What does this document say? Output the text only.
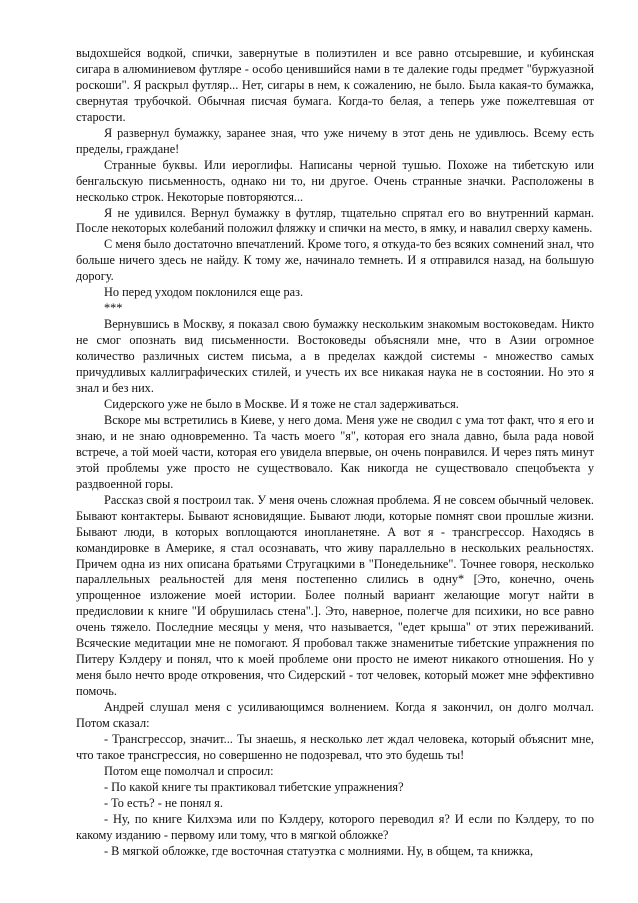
выдохшейся водкой, спички, завернутые в полиэтилен и все равно отсыревшие, и кубинская сигара в алюминиевом футляре - особо ценившийся нами в те далекие годы предмет "буржуазной роскоши". Я раскрыл футляр... Нет, сигары в нем, к сожалению, не было. Была какая-то бумажка, свернутая трубочкой. Обычная писчая бумага. Когда-то белая, а теперь уже пожелтевшая от старости.

Я развернул бумажку, заранее зная, что уже ничему в этот день не удивлюсь. Всему есть пределы, граждане!

Странные буквы. Или иероглифы. Написаны черной тушью. Похоже на тибетскую или бенгальскую письменность, однако ни то, ни другое. Очень странные значки. Расположены в несколько строк. Некоторые повторяются...

Я не удивился. Вернул бумажку в футляр, тщательно спрятал его во внутренний карман. После некоторых колебаний положил фляжку и спички на место, в ямку, и навалил сверху камень.

С меня было достаточно впечатлений. Кроме того, я откуда-то без всяких сомнений знал, что больше ничего здесь не найду. К тому же, начинало темнеть. И я отправился назад, на большую дорогу.

Но перед уходом поклонился еще раз.

***

Вернувшись в Москву, я показал свою бумажку нескольким знакомым востоковедам. Никто не смог опознать вид письменности. Востоковеды объясняли мне, что в Азии огромное количество различных систем письма, а в пределах каждой системы - множество самых причудливых каллиграфических стилей, и учесть их все никакая наука не в состоянии. Но это я знал и без них.

Сидерского уже не было в Москве. И я тоже не стал задерживаться.

Вскоре мы встретились в Киеве, у него дома. Меня уже не сводил с ума тот факт, что я его и знаю, и не знаю одновременно. Та часть моего "я", которая его знала давно, была рада новой встрече, а той моей части, которая его увидела впервые, он очень понравился. И через пять минут этой проблемы уже просто не существовало. Как никогда не существовало спецобъекта у раздвоенной горы.

Рассказ свой я построил так. У меня очень сложная проблема. Я не совсем обычный человек. Бывают контактеры. Бывают ясновидящие. Бывают люди, которые помнят свои прошлые жизни. Бывают люди, в которых воплощаются инопланетяне. А вот я - трансгрессор. Находясь в командировке в Америке, я стал осознавать, что живу параллельно в нескольких реальностях. Причем одна из них описана братьями Стругацкими в "Понедельнике". Точнее говоря, несколько параллельных реальностей для меня постепенно слились в одну* [Это, конечно, очень упрощенное изложение моей истории. Более полный вариант желающие могут найти в предисловии к книге "И обрушилась стена".]. Это, наверное, полегче для психики, но все равно очень тяжело. Последние месяцы у меня, что называется, "едет крыша" от этих переживаний. Всяческие медитации мне не помогают. Я пробовал также знаменитые тибетские упражнения по Питеру Кэлдеру и понял, что к моей проблеме они просто не имеют никакого отношения. Но у меня было нечто вроде откровения, что Сидерский - тот человек, который может мне эффективно помочь.

Андрей слушал меня с усиливающимся волнением. Когда я закончил, он долго молчал. Потом сказал:

- Трансгрессор, значит... Ты знаешь, я несколько лет ждал человека, который объяснит мне, что такое трансгрессия, но совершенно не подозревал, что это будешь ты!

Потом еще помолчал и спросил:

- По какой книге ты практиковал тибетские упражнения?

- То есть? - не понял я.

- Ну, по книге Килхэма или по Кэлдеру, которого переводил я? И если по Кэлдеру, то по какому изданию - первому или тому, что в мягкой обложке?

- В мягкой обложке, где восточная статуэтка с молниями. Ну, в общем, та книжка,
